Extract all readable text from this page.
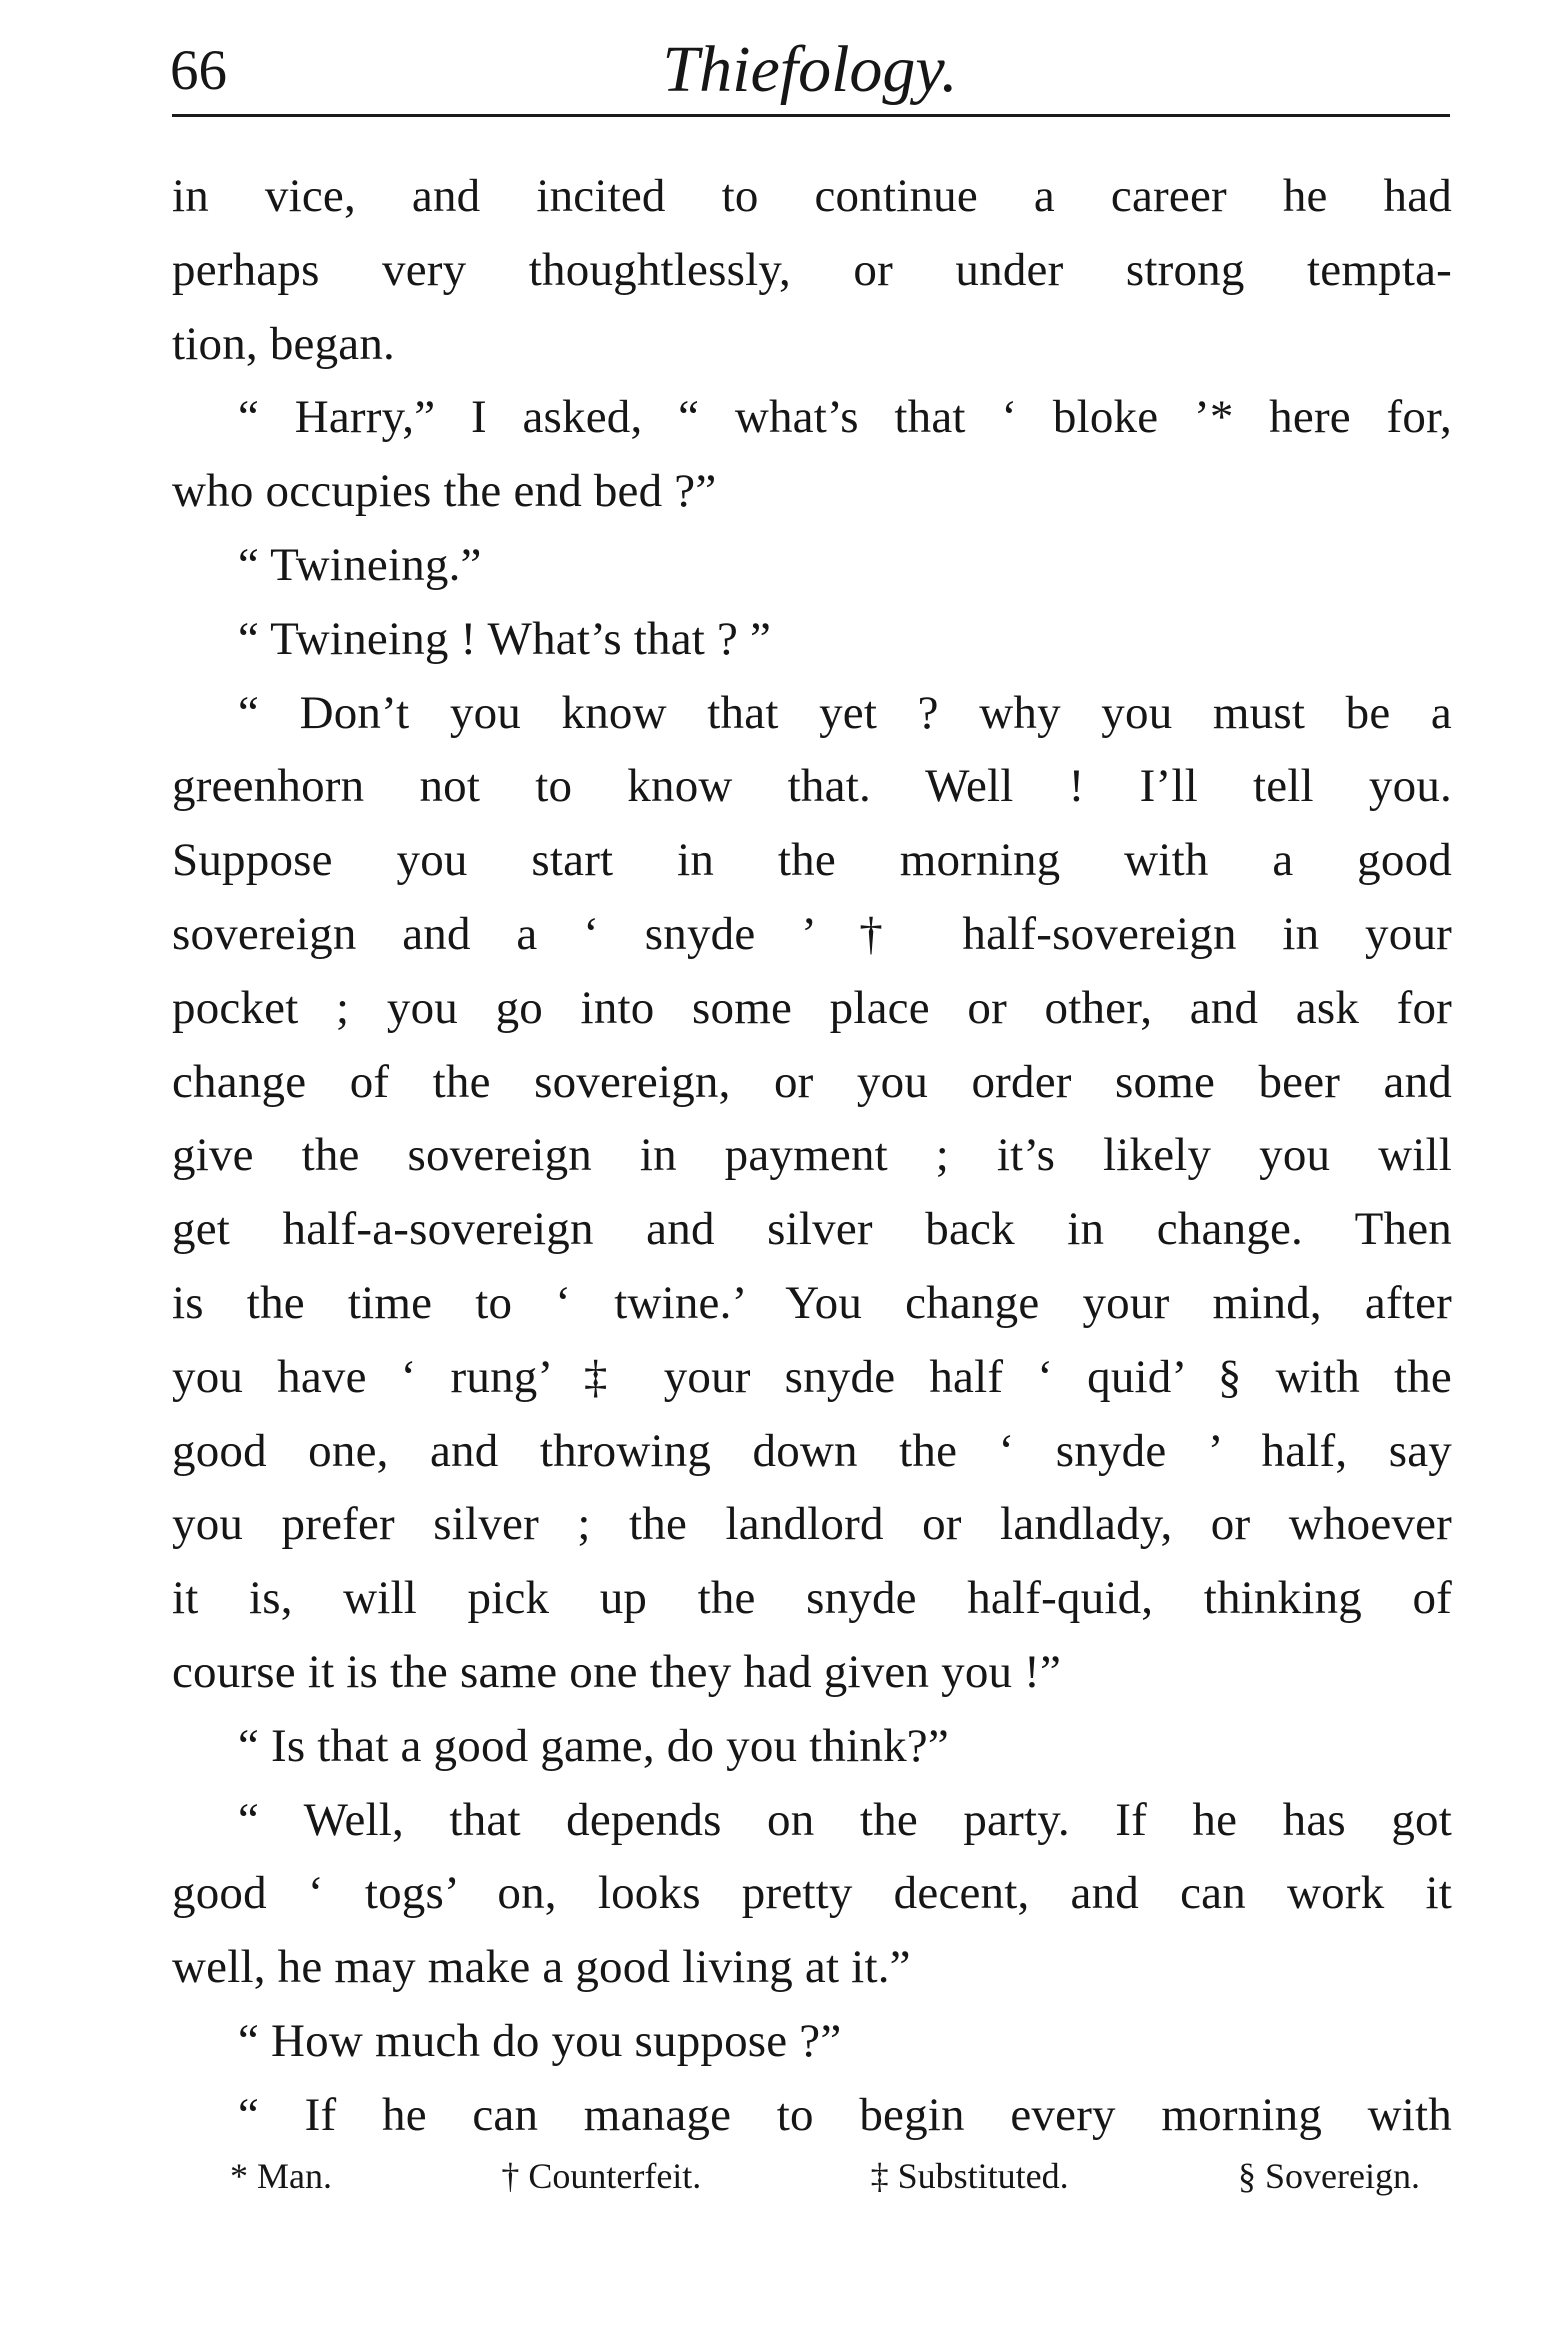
66	Thiefology.
in vice, and incited to continue a career he had
perhaps very thoughtlessly, or under strong tempta-
tion, began.
“ Harry,” I asked, “ what’s that ‘ bloke ’* here for,
who occupies the end bed ?”
“ Twineing.”
“ Twineing ! What’s that ? ”
“ Don’t you know that yet ? why you must be a
greenhorn not to know that. Well ! I’ll tell you.
Suppose you start in the morning with a good
sovereign and a ‘ snyde ’ † half-sovereign in your
pocket ; you go into some place or other, and ask for
change of the sovereign, or you order some beer and
give the sovereign in payment ; it’s likely you will
get half-a-sovereign and silver back in change. Then
is the time to ‘ twine.’ You change your mind, after
you have ‘ rung’ ‡ your snyde half ‘ quid’ § with the
good one, and throwing down the ‘ snyde ’ half, say
you prefer silver ; the landlord or landlady, or whoever
it is, will pick up the snyde half-quid, thinking of
course it is the same one they had given you !”
“ Is that a good game, do you think?”
“ Well, that depends on the party. If he has got
good ‘ togs’ on, looks pretty decent, and can work it
well, he may make a good living at it.”
“ How much do you suppose ?”
“ If he can manage to begin every morning with
* Man.	† Counterfeit.	‡ Substituted.	§ Sovereign.
